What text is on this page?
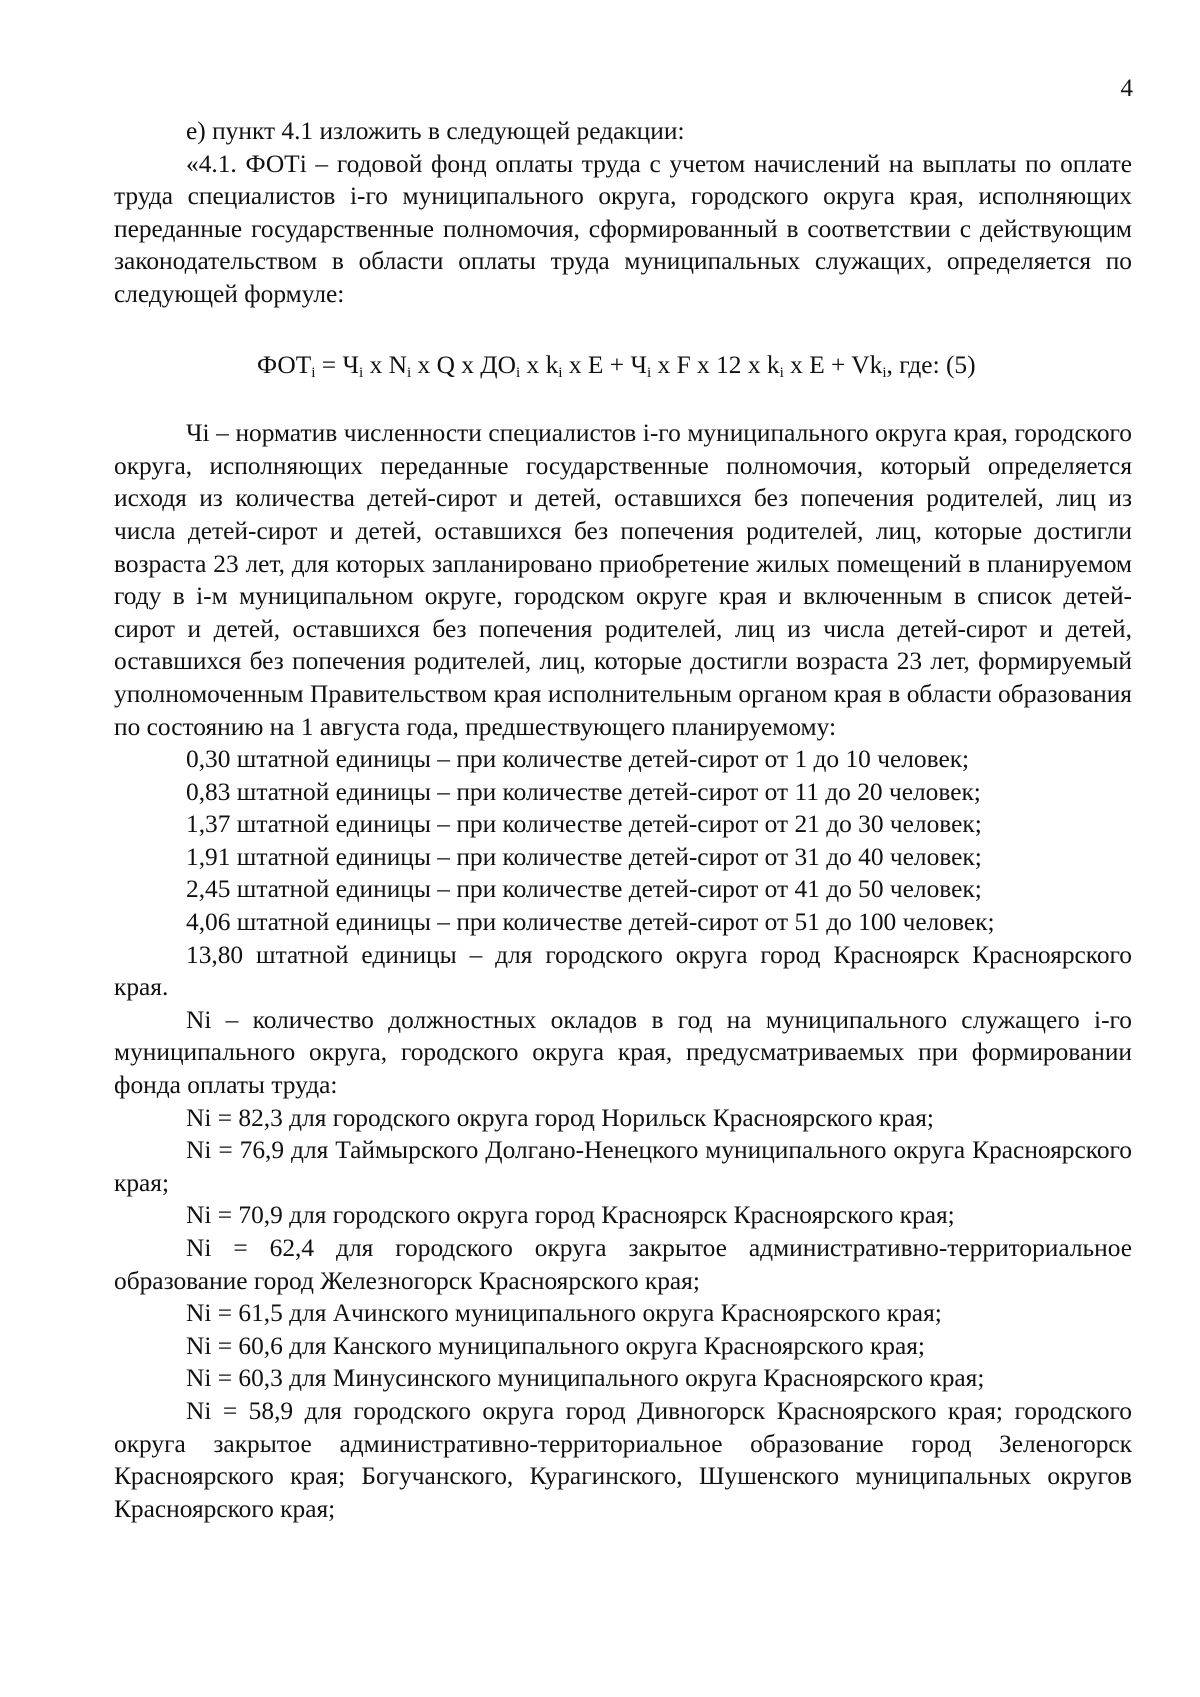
4

е) пункт 4.1 изложить в следующей редакции:

«4.1. ФОТi – годовой фонд оплаты труда с учетом начислений на выплаты по оплате труда специалистов i-го муниципального округа, городского округа края, исполняющих переданные государственные полномочия, сформированный в соответствии с действующим законодательством в области оплаты труда муниципальных служащих, определяется по следующей формуле:

$ФОТ_i = Ч_i$ x $N_i$ x Q x $ДО_i$ x $k_i$ x $E + Ч_i$ x F x 12 x $k_i$ x $E + Vk_i$, где: (5)

Чi – норматив численности специалистов i-го муниципального округа края, городского округа, исполняющих переданные государственные полномочия, который определяется исходя из количества детей-сирот и детей, оставшихся без попечения родителей, лиц из числа детей-сирот и детей, оставшихся без попечения родителей, лиц, которые достигли возраста 23 лет, для которых запланировано приобретение жилых помещений в планируемом году в i-м муниципальном округе, городском округе края и включенным в список детей-сирот и детей, оставшихся без попечения родителей, лиц из числа детей-сирот и детей, оставшихся без попечения родителей, лиц, которые достигли возраста 23 лет, формируемый уполномоченным Правительством края исполнительным органом края в области образования по состоянию на 1 августа года, предшествующего планируемому:

0,30 штатной единицы – при количестве детей-сирот от 1 до 10 человек;

0,83 штатной единицы – при количестве детей-сирот от 11 до 20 человек;

1,37 штатной единицы – при количестве детей-сирот от 21 до 30 человек;

1,91 штатной единицы – при количестве детей-сирот от 31 до 40 человек;

2,45 штатной единицы – при количестве детей-сирот от 41 до 50 человек;

4,06 штатной единицы – при количестве детей-сирот от 51 до 100 человек;

13,80 штатной единицы – для городского округа город Красноярск Красноярского края.

Ni – количество должностных окладов в год на муниципального служащего i-го муниципального округа, городского округа края, предусматриваемых при формировании фонда оплаты труда:

Ni = 82,3 для городского округа город Норильск Красноярского края;

Ni = 76,9 для Таймырского Долгано-Ненецкого муниципального округа Красноярского края;

Ni = 70,9 для городского округа город Красноярск Красноярского края;

Ni = 62,4 для городского округа закрытое административно-территориальное образование город Железногорск Красноярского края;

Ni = 61,5 для Ачинского муниципального округа Красноярского края;

Ni = 60,6 для Канского муниципального округа Красноярского края;

Ni = 60,3 для Минусинского муниципального округа Красноярского края;

Ni = 58,9 для городского округа город Дивногорск Красноярского края; городского округа закрытое административно-территориальное образование город Зеленогорск Красноярского края; Богучанского, Курагинского, Шушенского муниципальных округов Красноярского края;
